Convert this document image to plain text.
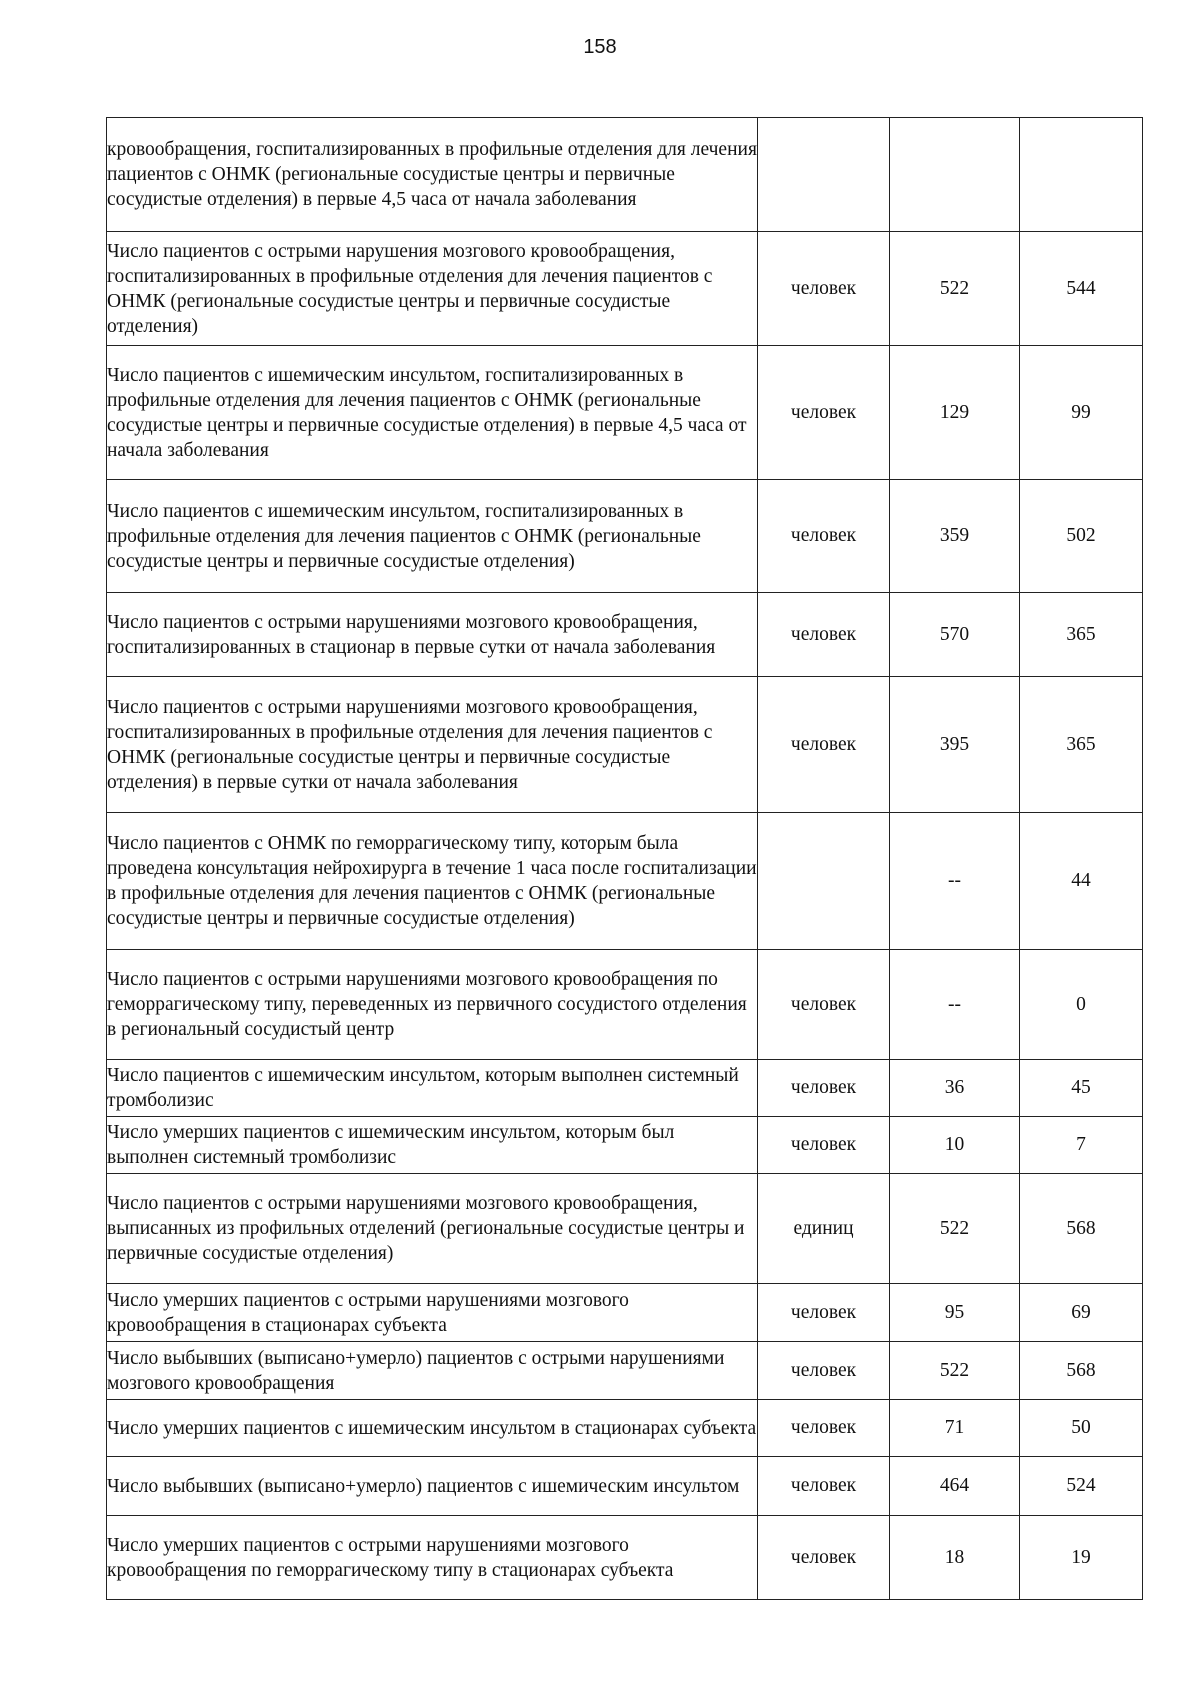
158
кровообращения, госпитализированных в профильные отделения для лечения пациентов с ОНМК (региональные сосудистые центры и первичные сосудистые отделения) в первые 4,5 часа от начала заболевания			
Число пациентов с острыми нарушения мозгового кровообращения, госпитализированных в профильные отделения для лечения пациентов с ОНМК (региональные сосудистые центры и первичные сосудистые отделения)	человек	522	544
Число пациентов с ишемическим инсультом, госпитализированных в профильные отделения для лечения пациентов с ОНМК (региональные сосудистые центры и первичные сосудистые отделения) в первые 4,5 часа от начала заболевания	человек	129	99
Число пациентов с ишемическим инсультом, госпитализированных в профильные отделения для лечения пациентов с ОНМК (региональные сосудистые центры и первичные сосудистые отделения)	человек	359	502
Число пациентов с острыми нарушениями мозгового кровообращения, госпитализированных в стационар в первые сутки от начала заболевания	человек	570	365
Число пациентов с острыми нарушениями мозгового кровообращения, госпитализированных в профильные отделения для лечения пациентов с ОНМК (региональные сосудистые центры и первичные сосудистые отделения) в первые сутки от начала заболевания	человек	395	365
Число пациентов с ОНМК по геморрагическому типу, которым была проведена консультация нейрохирурга в течение 1 часа после госпитализации в профильные отделения для лечения пациентов с ОНМК (региональные сосудистые центры и первичные сосудистые отделения)		--	44
Число пациентов с острыми нарушениями мозгового кровообращения по геморрагическому типу, переведенных из первичного сосудистого отделения в региональный сосудистый центр	человек	--	0
Число пациентов с ишемическим инсультом, которым выполнен системный тромболизис	человек	36	45
Число умерших пациентов с ишемическим инсультом, которым был выполнен системный тромболизис	человек	10	7
Число пациентов с острыми нарушениями мозгового кровообращения, выписанных из профильных отделений (региональные сосудистые центры и первичные сосудистые отделения)	единиц	522	568
Число умерших пациентов с острыми нарушениями мозгового кровообращения в стационарах субъекта	человек	95	69
Число выбывших (выписано+умерло) пациентов с острыми нарушениями мозгового кровообращения	человек	522	568
Число умерших пациентов с ишемическим инсультом в стационарах субъекта	человек	71	50
Число выбывших (выписано+умерло) пациентов с ишемическим инсультом	человек	464	524
Число умерших пациентов с острыми нарушениями мозгового кровообращения по геморрагическому типу в стационарах субъекта	человек	18	19
